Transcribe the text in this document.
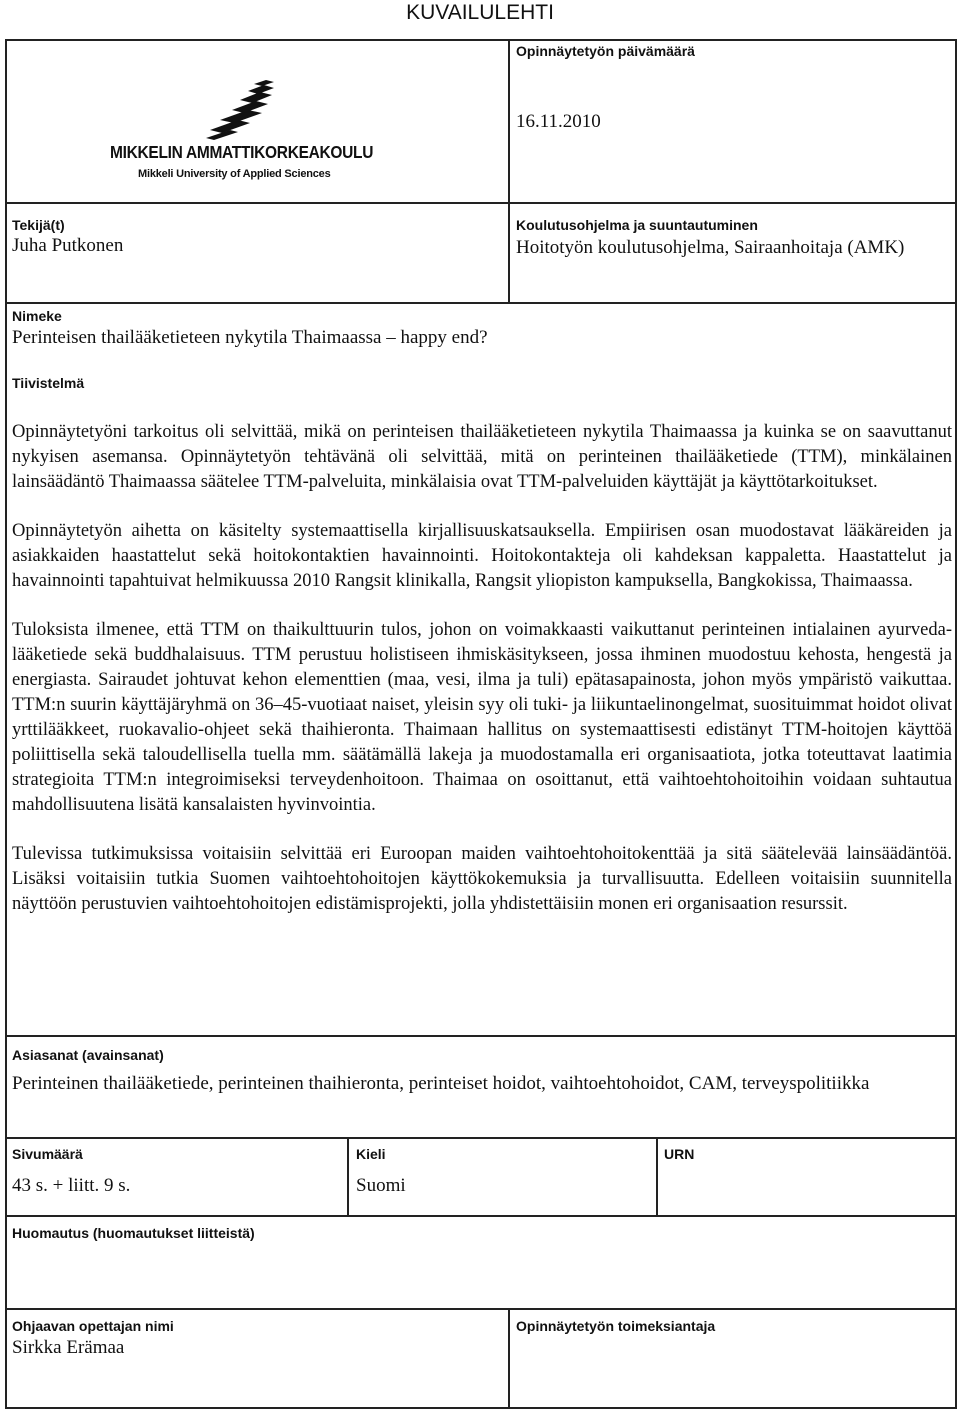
KUVAILULEHTI
MIKKELIN AMMATTIKORKEAKOULU
Mikkeli University of Applied Sciences
Opinnäytetyön päivämäärä
16.11.2010
Tekijä(t)
Juha Putkonen
Koulutusohjelma ja suuntautuminen
Hoitotyön koulutusohjelma, Sairaanhoitaja (AMK)
Nimeke
Perinteisen thailääketieteen nykytila Thaimaassa – happy end?
Tiivistelmä

Opinnäytetyöni tarkoitus oli selvittää, mikä on perinteisen thailääketieteen nykytila Thaimaassa ja kuinka se on saavuttanut nykyisen asemansa. Opinnäytetyön tehtävänä oli selvittää, mitä on perinteinen thailääketiede (TTM), minkälainen lainsäädäntö Thaimaassa säätelee TTM-palveluita, minkälaisia ovat TTM-palveluiden käyttäjät ja käyttötarkoitukset.

Opinnäytetyön aihetta on käsitelty systemaattisella kirjallisuuskatsauksella. Empiirisen osan muodostavat lääkäreiden ja asiakkaiden haastattelut sekä hoitokontaktien havainnointi. Hoitokontakteja oli kahdeksan kappaletta. Haastattelut ja havainnointi tapahtuivat helmikuussa 2010 Rangsit klinikalla, Rangsit yliopiston kampuksella, Bangkokissa, Thaimaassa.

Tuloksista ilmenee, että TTM on thaikulttuurin tulos, johon on voimakkaasti vaikuttanut perinteinen intialainen ayurveda-lääketiede sekä buddhalaisuus. TTM perustuu holistiseen ihmiskäsitykseen, jossa ihminen muodostuu kehosta, hengestä ja energiasta. Sairaudet johtuvat kehon elementtien (maa, vesi, ilma ja tuli) epätasapainosta, johon myös ympäristö vaikuttaa. TTM:n suurin käyttäjäryhmä on 36–45-vuotiaat naiset, yleisin syy oli tuki- ja liikuntaelinongelmat, suosituimmat hoidot olivat yrttilääkkeet, ruokavalio-ohjeet sekä thaihieronta. Thaimaan hallitus on systemaattisesti edistänyt TTM-hoitojen käyttöä poliittisella sekä taloudellisella tuella mm. säätämällä lakeja ja muodostamalla eri organisaatiota, jotka toteuttavat laatimia strategioita TTM:n integroimiseksi terveydenhoitoon. Thaimaa on osoittanut, että vaihtoehtohoitoihin voidaan suhtautua mahdollisuutena lisätä kansalaisten hyvinvointia.

Tulevissa tutkimuksissa voitaisiin selvittää eri Euroopan maiden vaihtoehtohoitokenttää ja sitä säätelevää lainsäädäntöä. Lisäksi voitaisiin tutkia Suomen vaihtoehtohoitojen käyttökokemuksia ja turvallisuutta. Edelleen voitaisiin suunnitella näyttöön perustuvien vaihtoehtohoitojen edistämisprojekti, jolla yhdistettäisiin monen eri organisaation resurssit.

Asiasanat (avainsanat)
Perinteinen thailääketiede, perinteinen thaihieronta, perinteiset hoidot, vaihtoehtohoidot, CAM, terveyspolitiikka
Sivumäärä
43 s. + liitt. 9 s.
Kieli
Suomi
URN
Huomautus (huomautukset liitteistä)
Ohjaavan opettajan nimi
Sirkka Erämaa
Opinnäytetyön toimeksiantaja
